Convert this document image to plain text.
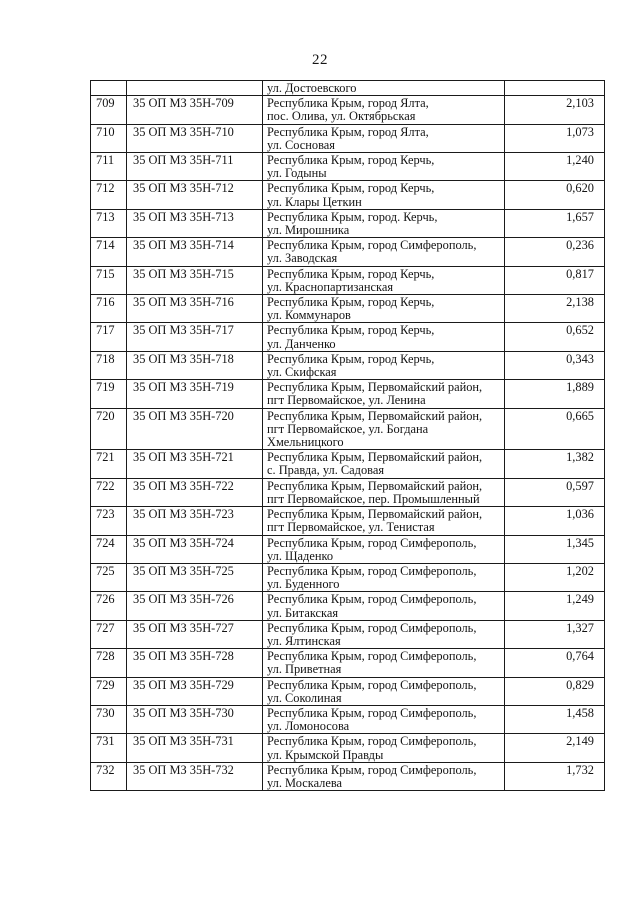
22

		ул. Достоевского	

709	35 ОП МЗ 35Н-709	Республика Крым, город Ялта,
пос. Олива, ул. Октябрьская	2,103
710	35 ОП МЗ 35Н-710	Республика Крым, город Ялта,
ул. Сосновая	1,073
711	35 ОП МЗ 35Н-711	Республика Крым, город Керчь,
ул. Годыны	1,240
712	35 ОП МЗ 35Н-712	Республика Крым, город Керчь,
ул. Клары Цеткин	0,620
713	35 ОП МЗ 35Н-713	Республика Крым, город. Керчь,
ул. Мирошника	1,657
714	35 ОП МЗ 35Н-714	Республика Крым, город Симферополь,
ул. Заводская	0,236
715	35 ОП МЗ 35Н-715	Республика Крым, город Керчь,
ул. Краснопартизанская	0,817
716	35 ОП МЗ 35Н-716	Республика Крым, город Керчь,
ул. Коммунаров	2,138
717	35 ОП МЗ 35Н-717	Республика Крым, город Керчь,
ул. Данченко	0,652
718	35 ОП МЗ 35Н-718	Республика Крым, город Керчь,
ул. Скифская	0,343
719	35 ОП МЗ 35Н-719	Республика Крым, Первомайский район,
пгт Первомайское, ул. Ленина	1,889
720	35 ОП МЗ 35Н-720	Республика Крым, Первомайский район,
пгт Первомайское, ул. Богдана
Хмельницкого	0,665
721	35 ОП МЗ 35Н-721	Республика Крым, Первомайский район,
с. Правда, ул. Садовая	1,382
722	35 ОП МЗ 35Н-722	Республика Крым, Первомайский район,
пгт Первомайское, пер. Промышленный	0,597
723	35 ОП МЗ 35Н-723	Республика Крым, Первомайский район,
пгт Первомайское, ул. Тенистая	1,036
724	35 ОП МЗ 35Н-724	Республика Крым, город Симферополь,
ул. Щаденко	1,345
725	35 ОП МЗ 35Н-725	Республика Крым, город Симферополь,
ул. Буденного	1,202
726	35 ОП МЗ 35Н-726	Республика Крым, город Симферополь,
ул. Битакская	1,249
727	35 ОП МЗ 35Н-727	Республика Крым, город Симферополь,
ул. Ялтинская	1,327
728	35 ОП МЗ 35Н-728	Республика Крым, город Симферополь,
ул. Приветная	0,764
729	35 ОП МЗ 35Н-729	Республика Крым, город Симферополь,
ул. Соколиная	0,829
730	35 ОП МЗ 35Н-730	Республика Крым, город Симферополь,
ул. Ломоносова	1,458
731	35 ОП МЗ 35Н-731	Республика Крым, город Симферополь,
ул. Крымской Правды	2,149
732	35 ОП МЗ 35Н-732	Республика Крым, город Симферополь,
ул. Москалева	1,732
